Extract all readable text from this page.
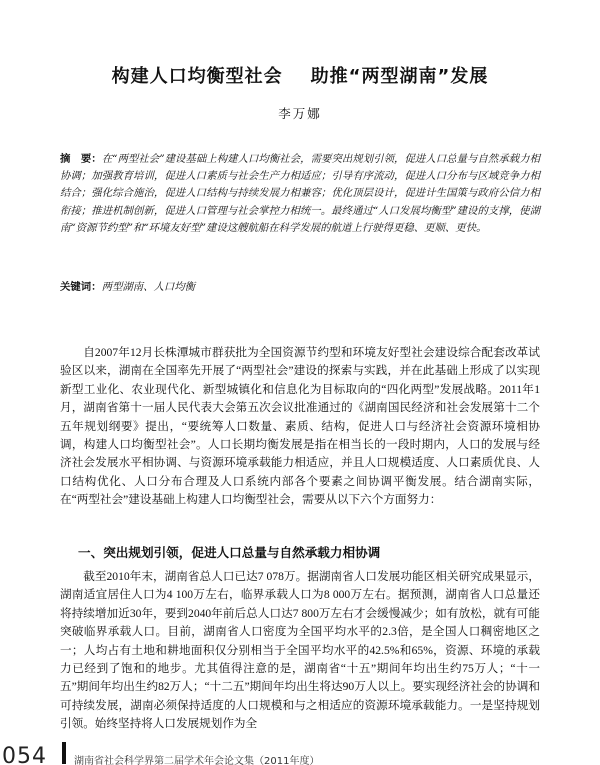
构建人口均衡型社会 助推“两型湖南”发展
李万娜

摘　要：在“两型社会”建设基础上构建人口均衡社会，需要突出规划引领，促进人口总量与自然承载力相协调；加强教育培训，促进人口素质与社会生产力相适应；引导有序流动，促进人口分布与区域竞争力相结合；强化综合施治，促进人口结构与持续发展力相兼容；优化顶层设计，促进计生国策与政府公信力相衔接；推进机制创新，促进人口管理与社会掌控力相统一。最终通过“人口发展均衡型”建设的支撑，使湖南“资源节约型”和“环境友好型”建设这艘航船在科学发展的航道上行驶得更稳、更顺、更快。

关键词：两型湖南、人口均衡

自2007年12月长株潭城市群获批为全国资源节约型和环境友好型社会建设综合配套改革试验区以来，湖南在全国率先开展了“两型社会”建设的探索与实践，并在此基础上形成了以实现新型工业化、农业现代化、新型城镇化和信息化为目标取向的“四化两型”发展战略。2011年1月，湖南省第十一届人民代表大会第五次会议批准通过的《湖南国民经济和社会发展第十二个五年规划纲要》提出，“要统筹人口数量、素质、结构，促进人口与经济社会资源环境相协调，构建人口均衡型社会”。人口长期均衡发展是指在相当长的一段时期内，人口的发展与经济社会发展水平相协调、与资源环境承载能力相适应，并且人口规模适度、人口素质优良、人口结构优化、人口分布合理及人口系统内部各个要素之间协调平衡发展。结合湖南实际，在“两型社会”建设基础上构建人口均衡型社会，需要从以下六个方面努力：

一、突出规划引领，促进人口总量与自然承载力相协调

截至2010年末，湖南省总人口已达7 078万。据湖南省人口发展功能区相关研究成果显示，湖南适宜居住人口为4 100万左右，临界承载人口为8 000万左右。据预测，湖南省人口总量还将持续增加近30年，要到2040年前后总人口达7 800万左右才会缓慢减少；如有放松，就有可能突破临界承载人口。目前，湖南省人口密度为全国平均水平的2.3倍，是全国人口稠密地区之一；人均占有土地和耕地面积仅分别相当于全国平均水平的42.5%和65%，资源、环境的承载力已经到了饱和的地步。尤其值得注意的是，湖南省“十五”期间年均出生约75万人；“十一五”期间年均出生约82万人；“十二五”期间年均出生将达90万人以上。要实现经济社会的协调和可持续发展，湖南必须保持适度的人口规模和与之相适应的资源环境承载能力。一是坚持规划引领。始终坚持将人口发展规划作为全

054	湖南省社会科学界第二届学术年会论文集（2011年度）
